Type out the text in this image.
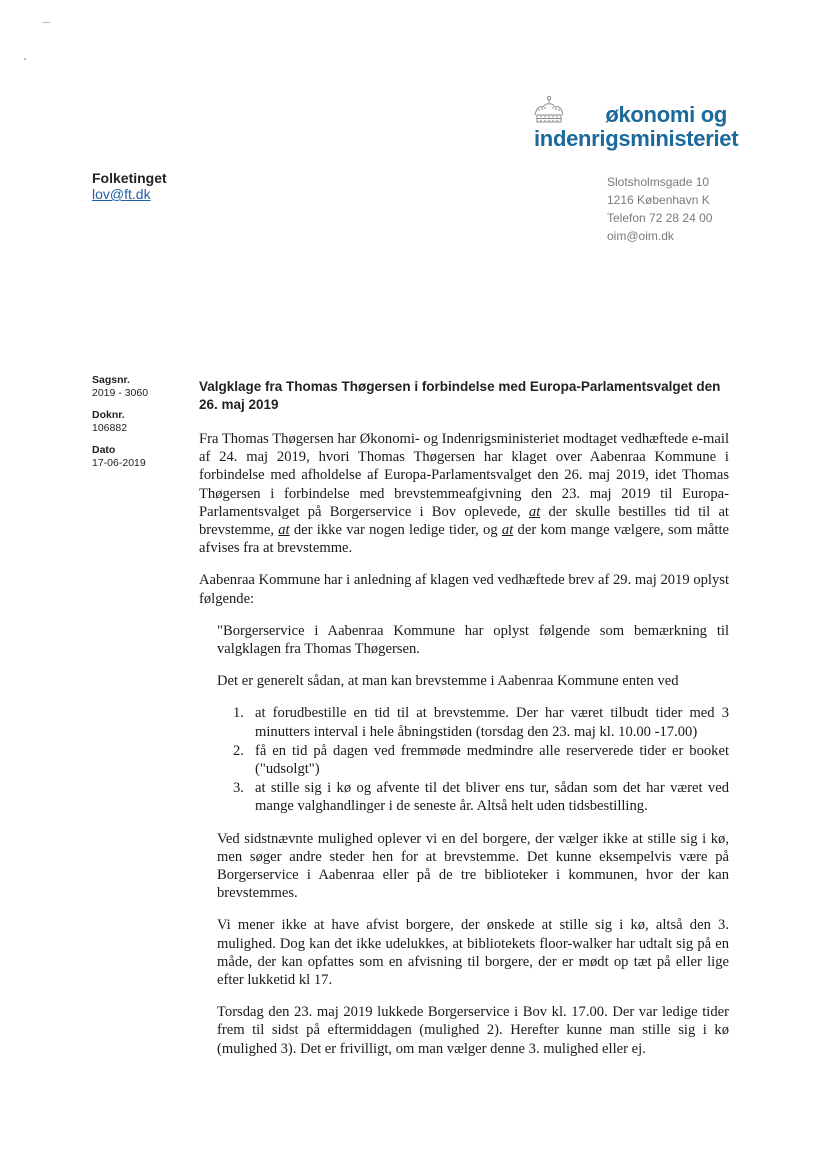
økonomi og
indenrigsministeriet
Folketinget
lov@ft.dk
Slotsholmsgade 10
1216 København K
Telefon 72 28 24 00
oim@oim.dk
Sagsnr.
2019 - 3060
Doknr.
106882
Dato
17-06-2019
Valgklage fra Thomas Thøgersen i forbindelse med Europa-Parlamentsvalget den 26. maj 2019

Fra Thomas Thøgersen har Økonomi- og Indenrigsministeriet modtaget vedhæftede e-mail af 24. maj 2019, hvori Thomas Thøgersen har klaget over Aabenraa Kommune i forbindelse med afholdelse af Europa-Parlamentsvalget den 26. maj 2019, idet Thomas Thøgersen i forbindelse med brevstemmeafgivning den 23. maj 2019 til Europa-Parlamentsvalget på Borgerservice i Bov oplevede, at der skulle bestilles tid til at brevstemme, at der ikke var nogen ledige tider, og at der kom mange vælgere, som måtte afvises fra at brevstemme.

Aabenraa Kommune har i anledning af klagen ved vedhæftede brev af 29. maj 2019 oplyst følgende:

"Borgerservice i Aabenraa Kommune har oplyst følgende som bemærkning til valgklagen fra Thomas Thøgersen.

Det er generelt sådan, at man kan brevstemme i Aabenraa Kommune enten ved

1. at forudbestille en tid til at brevstemme. Der har været tilbudt tider med 3 minutters interval i hele åbningstiden (torsdag den 23. maj kl. 10.00 -17.00)
2. få en tid på dagen ved fremmøde medmindre alle reserverede tider er booket ("udsolgt")
3. at stille sig i kø og afvente til det bliver ens tur, sådan som det har været ved mange valghandlinger i de seneste år. Altså helt uden tidsbestilling.

Ved sidstnævnte mulighed oplever vi en del borgere, der vælger ikke at stille sig i kø, men søger andre steder hen for at brevstemme. Det kunne eksempelvis være på Borgerservice i Aabenraa eller på de tre biblioteker i kommunen, hvor der kan brevstemmes.

Vi mener ikke at have afvist borgere, der ønskede at stille sig i kø, altså den 3. mulighed. Dog kan det ikke udelukkes, at bibliotekets floor-walker har udtalt sig på en måde, der kan opfattes som en afvisning til borgere, der er mødt op tæt på eller lige efter lukketid kl 17.

Torsdag den 23. maj 2019 lukkede Borgerservice i Bov kl. 17.00. Der var ledige tider frem til sidst på eftermiddagen (mulighed 2). Herefter kunne man stille sig i kø (mulighed 3). Det er frivilligt, om man vælger denne 3. mulighed eller ej.
